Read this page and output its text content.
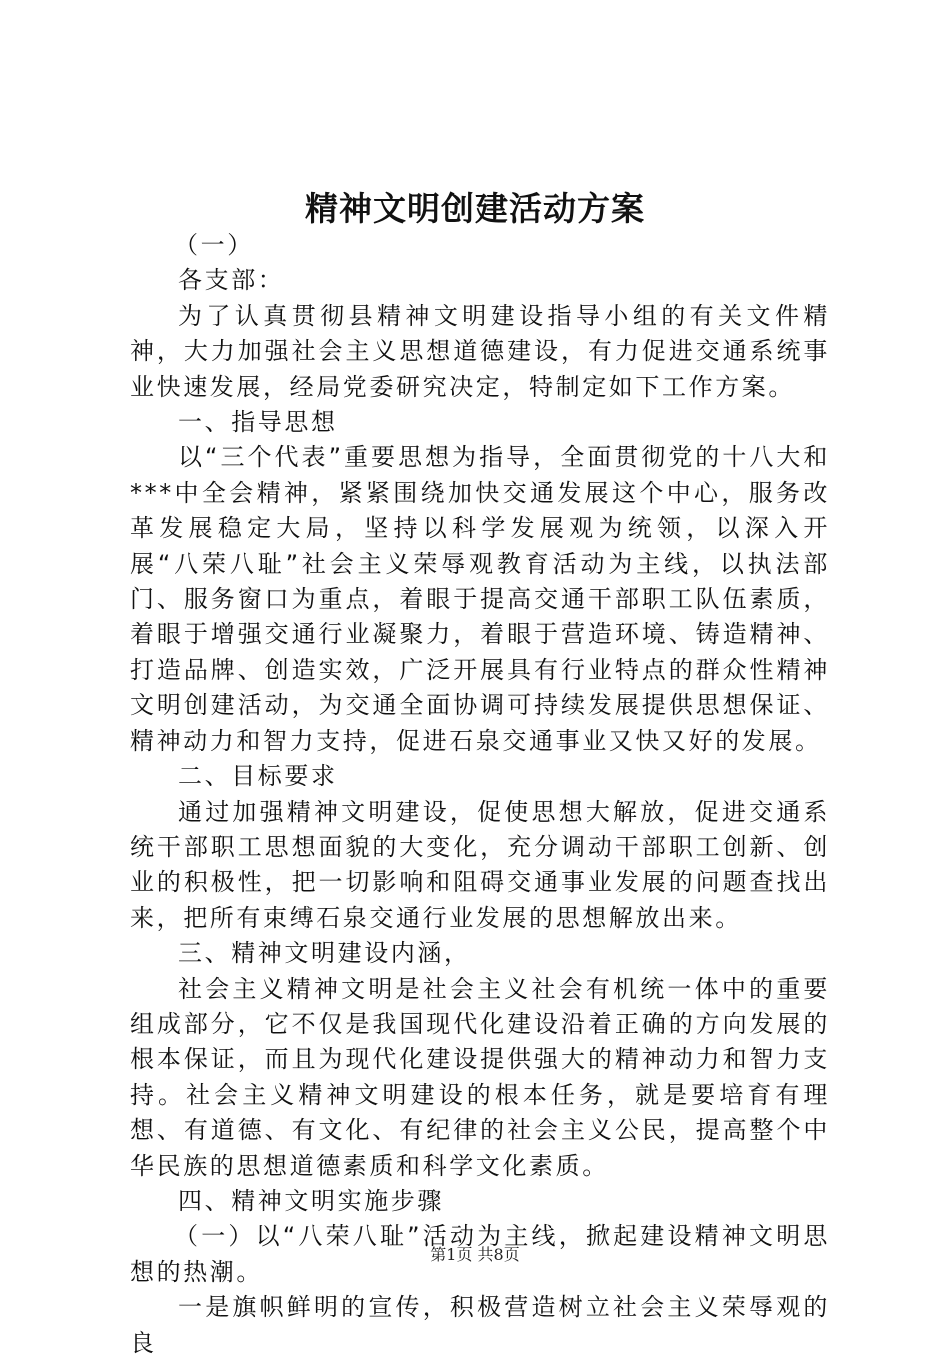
精神文明创建活动方案

（一）

各支部：

为了认真贯彻县精神文明建设指导小组的有关文件精神，大力加强社会主义思想道德建设，有力促进交通系统事业快速发展，经局党委研究决定，特制定如下工作方案。

一、指导思想

以“三个代表”重要思想为指导，全面贯彻党的十八大和***中全会精神，紧紧围绕加快交通发展这个中心，服务改革发展稳定大局，坚持以科学发展观为统领，以深入开展“八荣八耻”社会主义荣辱观教育活动为主线，以执法部门、服务窗口为重点，着眼于提高交通干部职工队伍素质，着眼于增强交通行业凝聚力，着眼于营造环境、铸造精神、打造品牌、创造实效，广泛开展具有行业特点的群众性精神文明创建活动，为交通全面协调可持续发展提供思想保证、精神动力和智力支持，促进石泉交通事业又快又好的发展。

二、目标要求

通过加强精神文明建设，促使思想大解放，促进交通系统干部职工思想面貌的大变化，充分调动干部职工创新、创业的积极性，把一切影响和阻碍交通事业发展的问题查找出来，把所有束缚石泉交通行业发展的思想解放出来。

三、精神文明建设内涵，

社会主义精神文明是社会主义社会有机统一体中的重要组成部分，它不仅是我国现代化建设沿着正确的方向发展的根本保证，而且为现代化建设提供强大的精神动力和智力支持。社会主义精神文明建设的根本任务，就是要培育有理想、有道德、有文化、有纪律的社会主义公民，提高整个中华民族的思想道德素质和科学文化素质。

四、精神文明实施步骤

（一）以“八荣八耻”活动为主线，掀起建设精神文明思想的热潮。

一是旗帜鲜明的宣传，积极营造树立社会主义荣辱观的良

第1页 共8页
